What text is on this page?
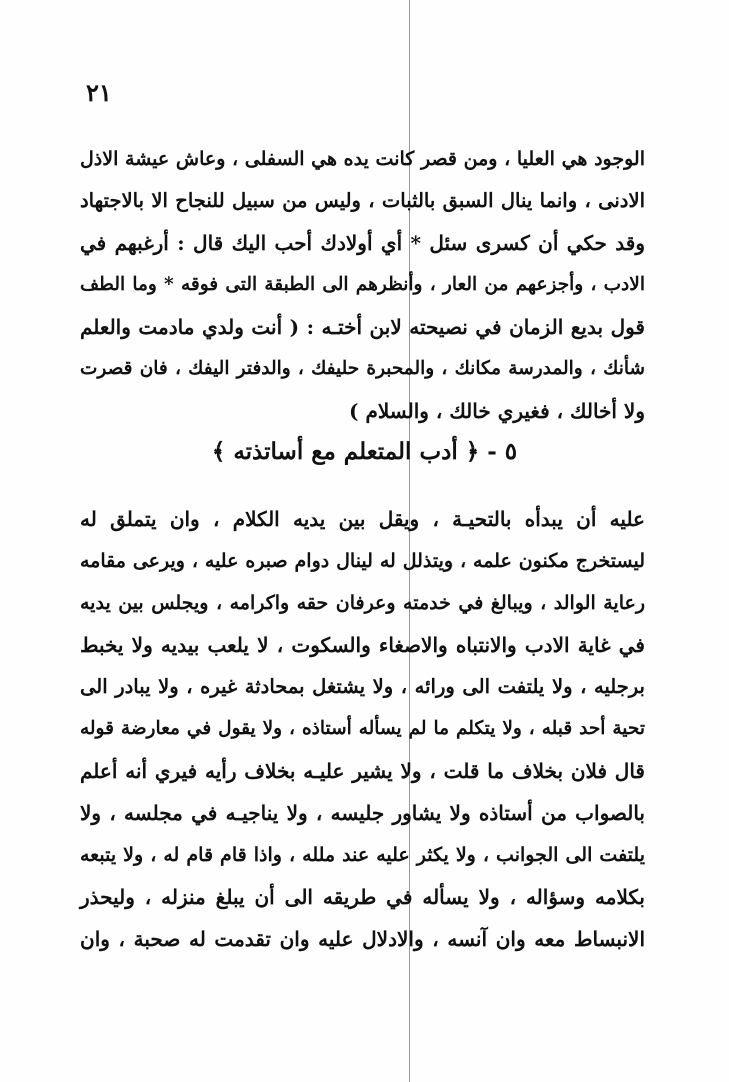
٢١
الوجود هي العليا ، ومن قصر كانت يده هي السفلى ، وعاش عيشة الاذل
الادنى ، وانما ينال السبق بالثبات ، وليس من سبيل للنجاح الا بالاجتهاد
وقد حكي أن كسرى سئل * أي أولادك أحب اليك قال : أرغبهم في
الادب ، وأجزعهم من العار ، وأنظرهم الى الطبقة التى فوقه * وما الطف
قول بديع الزمان في نصيحته لابن أختـه : ( أنت ولدي مادمت والعلم
شأنك ، والمدرسة مكانك ، والمحبرة حليفك ، والدفتر اليفك ، فان قصرت
ولا أخالك ، فغيري خالك ، والسلام )
٥ - ﴿ أدب المتعلم مع أساتذته ﴾
عليه أن يبدأه بالتحيـة ، ويقل بين يديه الكلام ، وان يتملق له
ليستخرج مكنون علمه ، ويتذلل له لينال دوام صبره عليه ، ويرعى مقامه
رعاية الوالد ، ويبالغ في خدمته وعرفان حقه واكرامه ، ويجلس بين يديه
في غاية الادب والانتباه والاصغاء والسكوت ، لا يلعب بيديه ولا يخبط
برجليه ، ولا يلتفت الى ورائه ، ولا يشتغل بمحادثة غيره ، ولا يبادر الى
تحية أحد قبله ، ولا يتكلم ما لم يسأله أستاذه ، ولا يقول في معارضة قوله
قال فلان بخلاف ما قلت ، ولا يشير عليـه بخلاف رأيه فيري أنه أعلم
بالصواب من أستاذه ولا يشاور جليسه ، ولا يناجيـه في مجلسه ، ولا
يلتفت الى الجوانب ، ولا يكثر عليه عند ملله ، واذا قام قام له ، ولا يتبعه
بكلامه وسؤاله ، ولا يسأله في طريقه الى أن يبلغ منزله ، وليحذر
الانبساط معه وان آنسه ، والادلال عليه وان تقدمت له صحبة ، وان
